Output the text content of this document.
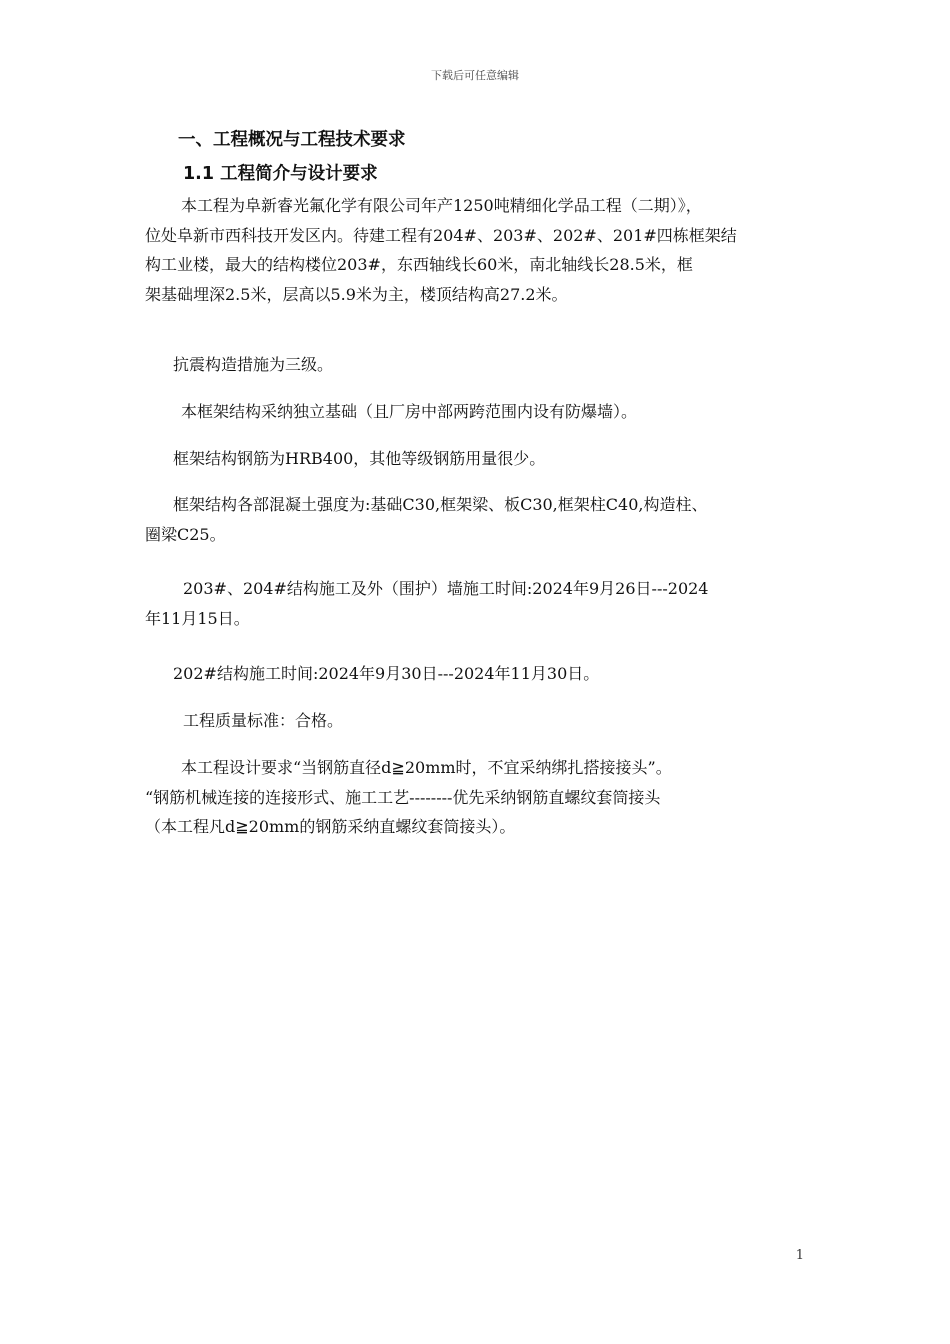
下载后可任意编辑
一、工程概况与工程技术要求
1.1 工程简介与设计要求
本工程为阜新睿光氟化学有限公司年产1250吨精细化学品工程（二期）》，
位处阜新市西科技开发区内。待建工程有204#、203#、202#、201#四栋框架结
构工业楼，最大的结构楼位203#，东西轴线长60米，南北轴线长28.5米，框
架基础埋深2.5米，层高以5.9米为主，楼顶结构高27.2米。
抗震构造措施为三级。
本框架结构采纳独立基础（且厂房中部两跨范围内设有防爆墙）。
框架结构钢筋为HRB400，其他等级钢筋用量很少。
框架结构各部混凝土强度为:基础C30,框架梁、板C30,框架柱C40,构造柱、
圈梁C25。
203#、204#结构施工及外（围护）墙施工时间:2024年9月26日---2024
年11月15日。
202#结构施工时间:2024年9月30日---2024年11月30日。
工程质量标准：合格。
本工程设计要求“当钢筋直径d≧20mm时，不宜采纳绑扎搭接接头”。
“钢筋机械连接的连接形式、施工工艺--------优先采纳钢筋直螺纹套筒接头
（本工程凡d≧20mm的钢筋采纳直螺纹套筒接头）。
1
